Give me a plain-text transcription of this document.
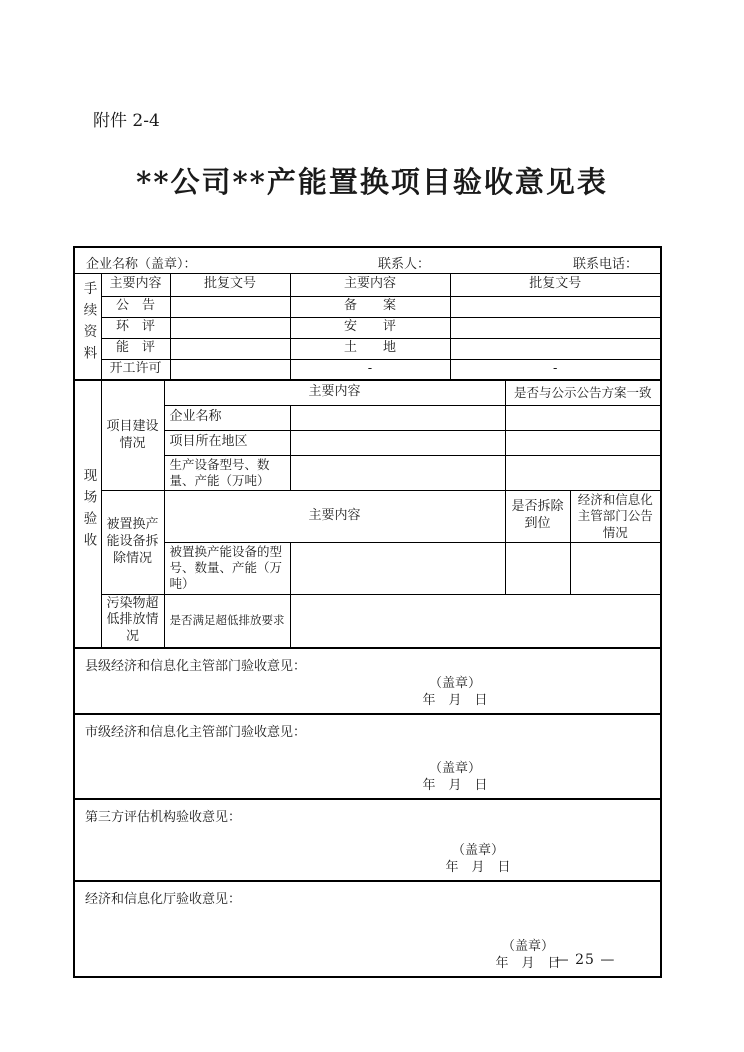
附件 2-4
**公司**产能置换项目验收意见表
企业名称（盖章）：	联系人：	联系电话：
手续资料	主要内容	批复文号	主要内容	批复文号
	公　告		备　　案	
	环　评		安　　评	
	能　评		土　　地	
	开工许可		-	-
现场验收	项目建设情况	主要内容		是否与公示公告方案一致	
		企业名称			
		项目所在地区			
		生产设备型号、数量、产能（万吨）			
	被置换产能设备拆除情况	主要内容		是否拆除到位	经济和信息化主管部门公告情况
		被置换产能设备的型号、数量、产能（万吨）			
	污染物超低排放情况	是否满足超低排放要求			
县级经济和信息化主管部门验收意见：
（盖章）
年　月　日
市级经济和信息化主管部门验收意见：
（盖章）
年　月　日
第三方评估机构验收意见：
（盖章）
年　月　日
经济和信息化厅验收意见：
（盖章）
年　月　日
— 25 —
